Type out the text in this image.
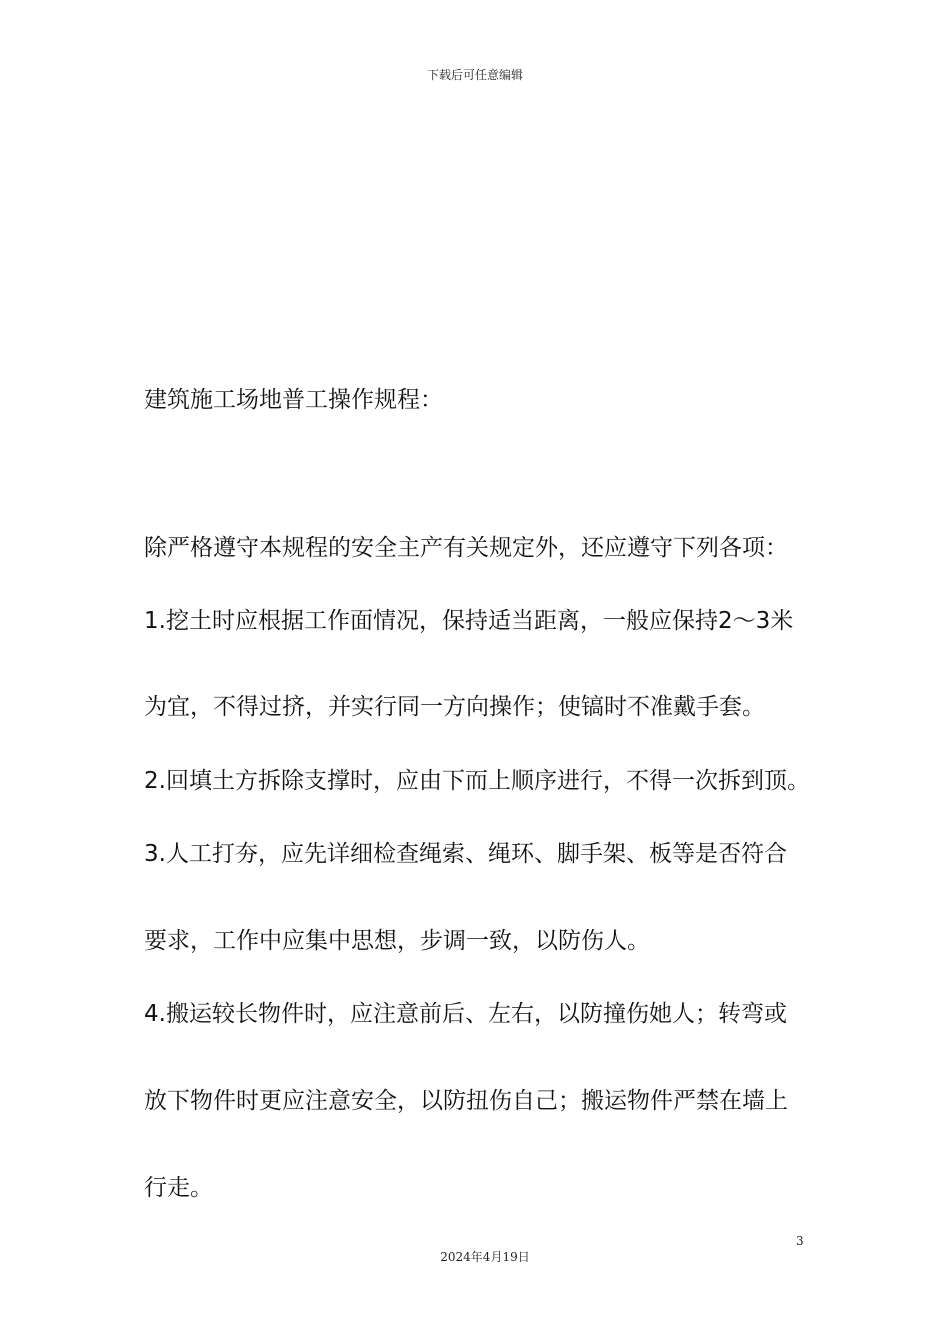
下载后可任意编辑
建筑施工场地普工操作规程：
除严格遵守本规程的安全主产有关规定外，还应遵守下列各项：
1.挖土时应根据工作面情况，保持适当距离，一般应保持2～3米
为宜，不得过挤，并实行同一方向操作；使镐时不准戴手套。
2.回填土方拆除支撑时，应由下而上顺序进行，不得一次拆到顶。
3.人工打夯，应先详细检查绳索、绳环、脚手架、板等是否符合
要求，工作中应集中思想，步调一致，以防伤人。
4.搬运较长物件时，应注意前后、左右，以防撞伤她人；转弯或
放下物件时更应注意安全，以防扭伤自己；搬运物件严禁在墙上
行走。
3
2024年4月19日
